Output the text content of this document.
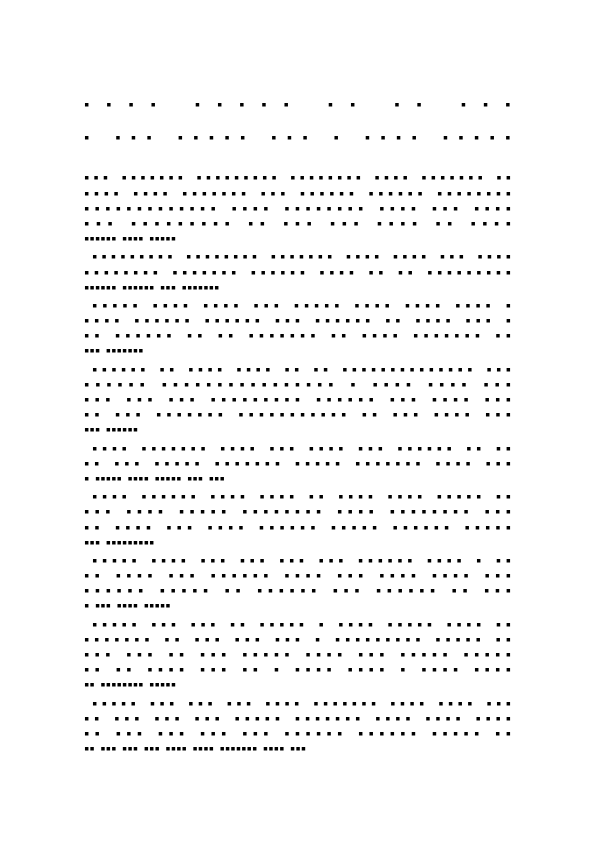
▪▪▪▪ ▪▪▪▪▪ ▪▪ ▪▪ ▪▪▪
▪ ▪▪▪ ▪▪▪▪▪ ▪▪▪ ▪ ▪▪▪▪ ▪▪▪▪▪
▪▪▪ ▪▪▪▪▪▪▪ ▪▪▪▪▪▪▪▪▪ ▪▪▪▪▪▪▪▪ ▪▪▪▪ ▪▪▪▪▪▪▪ ▪▪
▪▪▪▪ ▪▪▪▪ ▪▪▪▪▪▪▪ ▪▪▪ ▪▪▪▪▪▪ ▪▪▪▪▪▪ ▪▪▪▪▪▪▪▪
▪▪▪▪▪▪▪▪▪▪▪▪▪ ▪▪▪▪ ▪▪▪▪▪▪▪▪ ▪▪▪▪ ▪▪▪ ▪▪▪▪
▪▪▪ ▪▪▪▪▪▪▪▪▪ ▪▪ ▪▪▪ ▪▪▪ ▪▪▪▪ ▪▪ ▪▪▪▪
▪▪▪▪▪▪ ▪▪▪▪ ▪▪▪▪▪
▪▪▪▪▪▪▪▪▪ ▪▪▪▪▪▪▪▪ ▪▪▪▪▪▪▪ ▪▪▪▪ ▪▪▪▪ ▪▪▪ ▪▪▪▪
▪▪▪▪▪▪▪▪ ▪▪▪▪▪▪▪ ▪▪▪▪▪▪ ▪▪▪▪ ▪▪ ▪▪ ▪▪▪▪▪▪▪▪▪
▪▪▪▪▪▪ ▪▪▪▪▪▪ ▪▪▪ ▪▪▪▪▪▪▪
▪▪▪▪▪ ▪▪▪▪ ▪▪▪▪ ▪▪▪ ▪▪▪▪▪ ▪▪▪▪ ▪▪▪▪ ▪▪▪▪ ▪
▪▪▪▪ ▪▪▪▪▪▪ ▪▪▪▪▪▪ ▪▪▪ ▪▪▪▪▪▪ ▪▪ ▪▪▪▪ ▪▪▪ ▪
▪▪ ▪▪▪▪▪▪ ▪▪ ▪▪ ▪▪▪▪▪▪▪ ▪▪ ▪▪▪▪ ▪▪▪▪▪▪▪ ▪▪
▪▪▪ ▪▪▪▪▪▪▪
▪▪▪▪▪▪ ▪▪ ▪▪▪▪ ▪▪▪▪ ▪▪ ▪▪ ▪▪▪▪▪▪▪▪▪▪▪▪▪▪ ▪▪▪
▪▪▪▪▪▪ ▪▪▪▪▪▪▪▪▪▪▪▪▪▪▪▪ ▪ ▪▪▪▪ ▪▪▪▪ ▪▪▪
▪▪▪ ▪▪▪ ▪▪▪ ▪▪▪▪▪▪▪▪▪ ▪▪▪▪▪▪ ▪▪▪ ▪▪▪▪ ▪▪▪
▪▪ ▪▪▪ ▪▪▪▪▪▪▪ ▪▪▪▪▪▪▪▪▪▪▪ ▪▪ ▪▪▪ ▪▪▪▪ ▪▪▪
▪▪▪ ▪▪▪▪▪▪
▪▪▪▪ ▪▪▪▪▪▪▪ ▪▪▪▪ ▪▪▪ ▪▪▪▪ ▪▪▪ ▪▪▪▪▪▪ ▪▪ ▪▪
▪▪ ▪▪▪ ▪▪▪▪▪ ▪▪▪▪▪▪▪ ▪▪▪▪▪ ▪▪▪▪▪▪▪ ▪▪▪▪ ▪▪▪
▪ ▪▪▪▪▪ ▪▪▪▪ ▪▪▪▪▪ ▪▪▪ ▪▪▪
▪▪▪▪ ▪▪▪▪▪▪ ▪▪▪▪ ▪▪▪▪ ▪▪ ▪▪▪▪ ▪▪▪▪ ▪▪▪▪▪ ▪▪
▪▪▪ ▪▪▪▪ ▪▪▪▪▪ ▪▪▪▪▪▪▪▪ ▪▪▪▪ ▪▪▪▪▪▪▪▪ ▪▪▪
▪▪ ▪▪▪▪ ▪▪▪ ▪▪▪▪ ▪▪▪▪▪▪ ▪▪▪▪▪ ▪▪▪▪▪▪ ▪▪▪▪▪
▪▪▪ ▪▪▪▪▪▪▪▪▪
▪▪▪▪▪ ▪▪▪▪ ▪▪▪ ▪▪▪ ▪▪▪ ▪▪▪ ▪▪▪▪▪▪ ▪▪▪▪ ▪ ▪▪
▪▪ ▪▪▪▪ ▪▪▪ ▪▪▪▪▪▪ ▪▪▪▪ ▪▪▪ ▪▪▪▪ ▪▪▪▪ ▪▪▪
▪▪▪▪▪▪ ▪▪▪▪▪ ▪▪ ▪▪▪▪▪▪ ▪▪▪ ▪▪▪▪▪▪ ▪▪ ▪▪▪
▪ ▪▪▪ ▪▪▪▪ ▪▪▪▪▪
▪▪▪▪▪ ▪▪▪ ▪▪▪ ▪▪ ▪▪▪▪▪ ▪ ▪▪▪▪ ▪▪▪▪▪ ▪▪▪▪ ▪▪
▪▪▪▪▪▪▪ ▪▪ ▪▪▪ ▪▪▪ ▪▪▪ ▪ ▪▪▪▪▪▪▪▪▪ ▪▪▪▪▪ ▪▪
▪▪▪ ▪▪▪ ▪▪ ▪▪▪ ▪▪▪▪▪ ▪▪▪▪ ▪▪▪ ▪▪▪▪▪ ▪▪▪▪▪
▪▪ ▪▪ ▪▪▪▪ ▪▪▪ ▪▪ ▪ ▪▪▪▪ ▪▪▪▪ ▪ ▪▪▪▪ ▪▪▪▪
▪▪ ▪▪▪▪▪▪▪▪ ▪▪▪▪▪
▪▪▪▪▪ ▪▪▪ ▪▪▪ ▪▪▪ ▪▪▪▪ ▪▪▪▪▪▪▪ ▪▪▪▪ ▪▪▪▪ ▪▪▪
▪▪ ▪▪▪ ▪▪▪ ▪▪▪ ▪▪▪▪▪ ▪▪▪▪▪▪▪ ▪▪▪▪ ▪▪▪▪ ▪▪▪▪
▪▪ ▪▪▪ ▪▪▪ ▪▪▪ ▪▪▪ ▪▪▪▪▪▪ ▪▪▪▪▪▪ ▪▪▪▪▪ ▪▪
▪▪ ▪▪▪ ▪▪▪ ▪▪▪ ▪▪▪▪ ▪▪▪▪ ▪▪▪▪▪▪▪ ▪▪▪▪ ▪▪▪
